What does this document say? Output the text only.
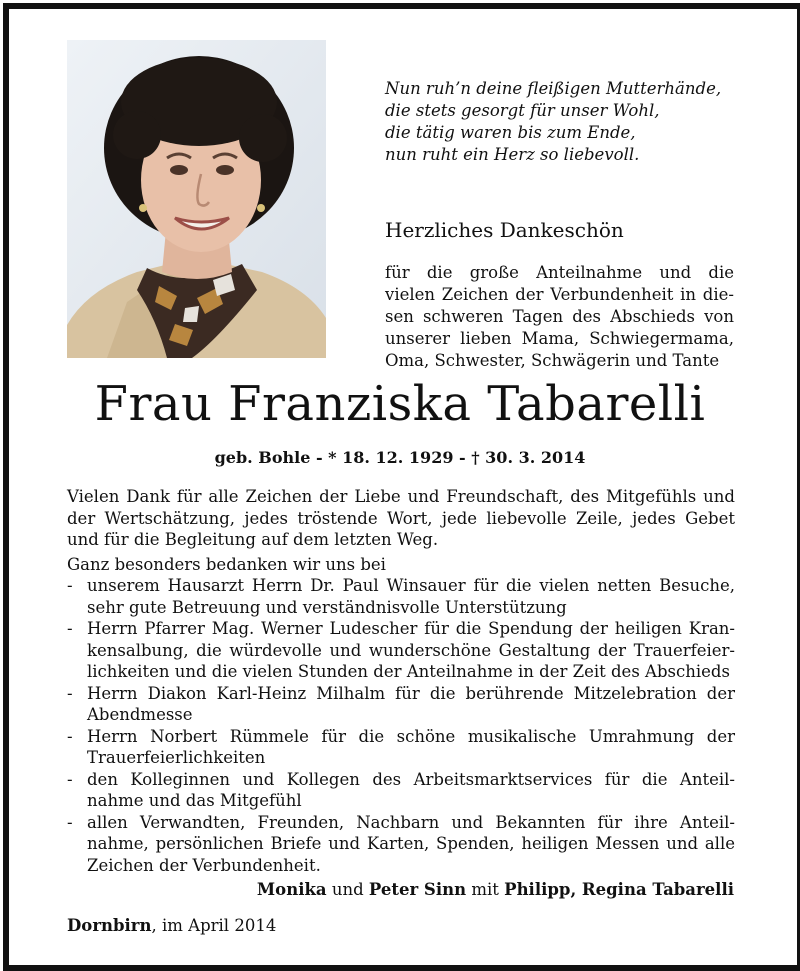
Nun ruh’n deine fleißigen Mutterhände,
die stets gesorgt für unser Wohl,
die tätig waren bis zum Ende,
nun ruht ein Herz so liebevoll.
Herzliches Dankeschön
für die große Anteilnahme und die
vielen Zeichen der Verbundenheit in die-
sen schweren Tagen des Abschieds von
unserer lieben Mama, Schwiegermama,
Oma, Schwester, Schwägerin und Tante
Frau Franziska Tabarelli
geb. Bohle - * 18. 12. 1929 - † 30. 3. 2014
Vielen Dank für alle Zeichen der Liebe und Freundschaft, des Mitgefühls und
der Wertschätzung, jedes tröstende Wort, jede liebevolle Zeile, jedes Gebet
und für die Begleitung auf dem letzten Weg.
Ganz besonders bedanken wir uns bei
- unserem Hausarzt Herrn Dr. Paul Winsauer für die vielen netten Besuche,
sehr gute Betreuung und verständnisvolle Unterstützung
- Herrn Pfarrer Mag. Werner Ludescher für die Spendung der heiligen Kran-
kensalbung, die würdevolle und wunderschöne Gestaltung der Trauerfeier-
lichkeiten und die vielen Stunden der Anteilnahme in der Zeit des Abschieds
- Herrn Diakon Karl-Heinz Milhalm für die berührende Mitzelebration der
Abendmesse
- Herrn Norbert Rümmele für die schöne musikalische Umrahmung der
Trauerfeierlichkeiten
- den Kolleginnen und Kollegen des Arbeitsmarktservices für die Anteil-
nahme und das Mitgefühl
- allen Verwandten, Freunden, Nachbarn und Bekannten für ihre Anteil-
nahme, persönlichen Briefe und Karten, Spenden, heiligen Messen und alle
Zeichen der Verbundenheit.
Monika und Peter Sinn mit Philipp, Regina Tabarelli
Dornbirn, im April 2014
